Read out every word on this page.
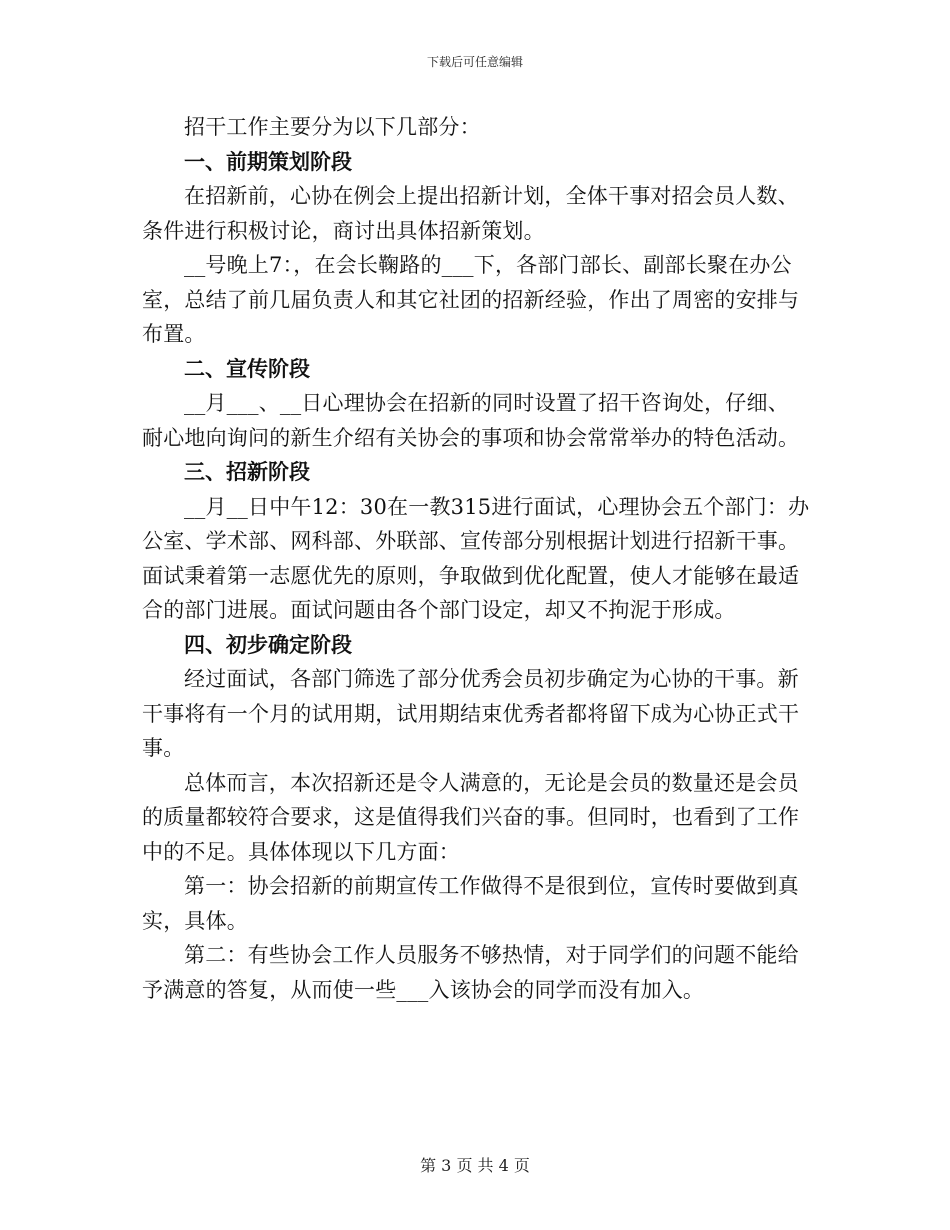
下载后可任意编辑

招干工作主要分为以下几部分：

一、前期策划阶段

在招新前，心协在例会上提出招新计划，全体干事对招会员人数、条件进行积极讨论，商讨出具体招新策划。

__号晚上7：，在会长鞠路的___下，各部门部长、副部长聚在办公室，总结了前几届负责人和其它社团的招新经验，作出了周密的安排与布置。

二、宣传阶段

__月___、__日心理协会在招新的同时设置了招干咨询处，仔细、耐心地向询问的新生介绍有关协会的事项和协会常常举办的特色活动。

三、招新阶段

__月__日中午12：30在一教315进行面试，心理协会五个部门：办公室、学术部、网科部、外联部、宣传部分别根据计划进行招新干事。面试秉着第一志愿优先的原则，争取做到优化配置，使人才能够在最适合的部门进展。面试问题由各个部门设定，却又不拘泥于形成。

四、初步确定阶段

经过面试，各部门筛选了部分优秀会员初步确定为心协的干事。新干事将有一个月的试用期，试用期结束优秀者都将留下成为心协正式干事。

总体而言，本次招新还是令人满意的，无论是会员的数量还是会员的质量都较符合要求，这是值得我们兴奋的事。但同时，也看到了工作中的不足。具体体现以下几方面：

第一：协会招新的前期宣传工作做得不是很到位，宣传时要做到真实，具体。

第二：有些协会工作人员服务不够热情，对于同学们的问题不能给予满意的答复，从而使一些___入该协会的同学而没有加入。

第 3 页 共 4 页
